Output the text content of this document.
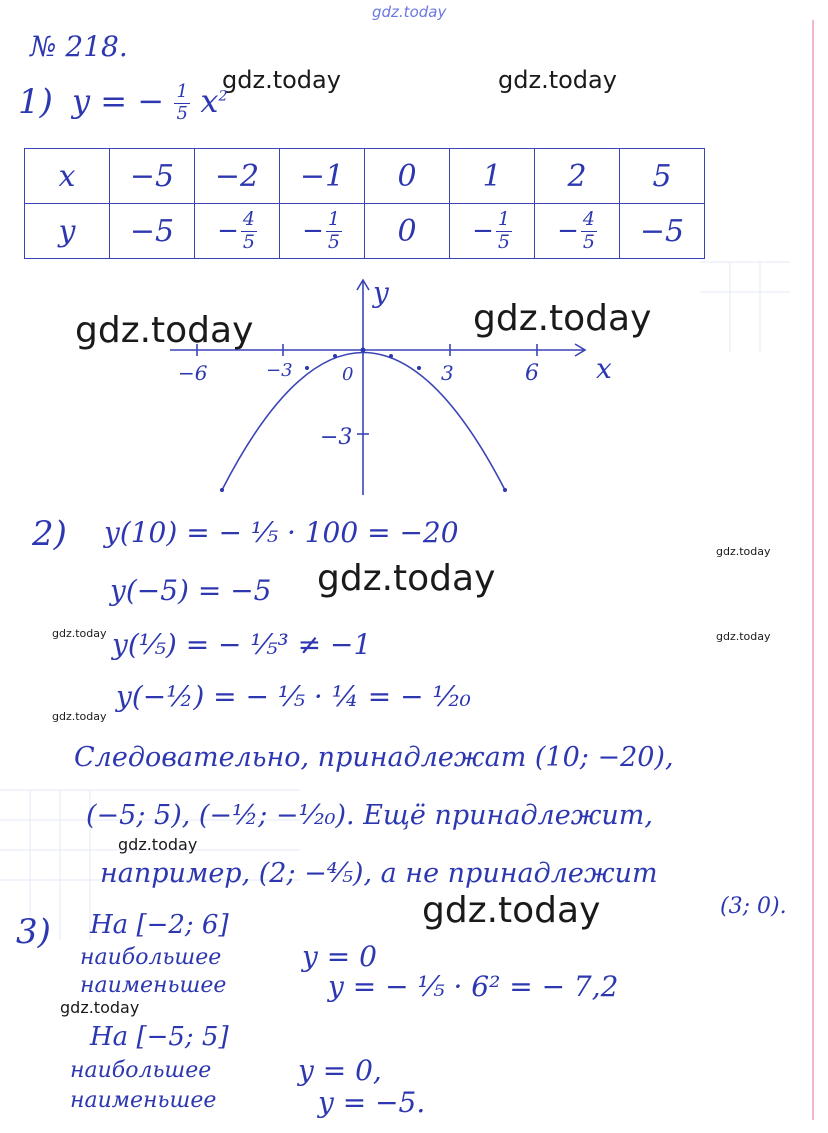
gdz.today
gdz.today	gdz.today
gdz.today	gdz.today
gdz.today
gdz.today
gdz.today	gdz.today
gdz.today
gdz.today
gdz.today
gdz.today
№ 218.
1) y = − $\frac{1}{5} x^2$
x	−5	−2	−1	0	1	2	5
y	−5	− $\frac{4}{5}$	− $\frac{1}{5}$	0	− $\frac{1}{5}$	− $\frac{4}{5}$	−5
−6	−3	0	3	6
−3
x
y
2) y(10) = − ¹⁄₅ · 100 = −20
y(−5) = −5
y(¹⁄₅) = − ¹⁄₅³ ≠ −1
y(−½) = − ¹⁄₅ · ¼ = − ¹⁄₂₀
Следовательно, принадлежат (10; −20),
(−5; 5), (−½; −¹⁄₂₀). Ещё принадлежит,
например, (2; −⁴⁄₅), а не принадлежит
(3; 0).
3) На [−2; 6]
наибольшее
наименьшее
y = 0
y = − ¹⁄₅ · 6² = − 7,2
На [−5; 5]
наибольшее
наименьшее
y = 0,
y = −5.
